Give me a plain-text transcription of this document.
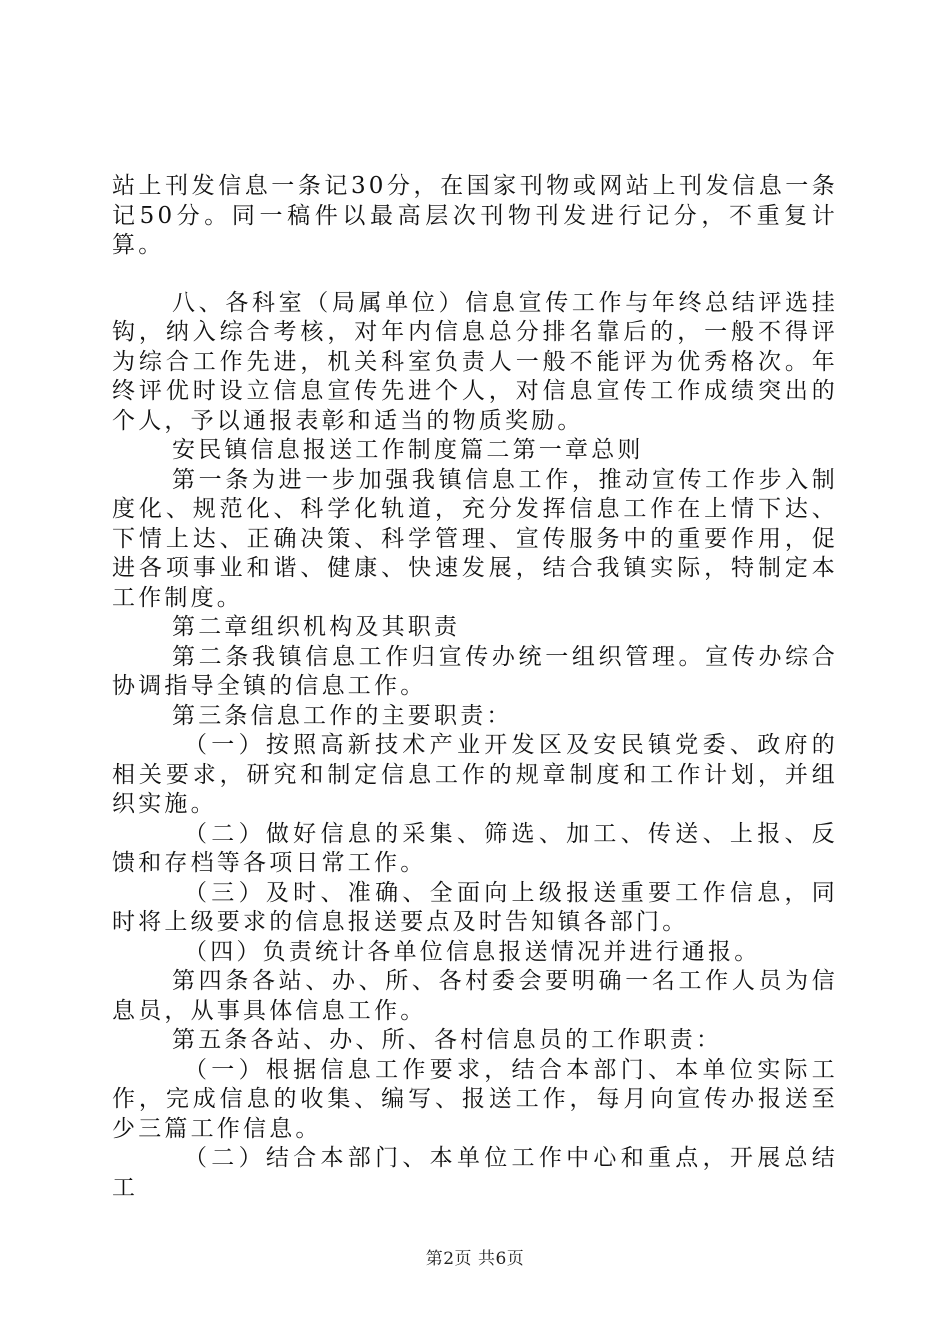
站上刊发信息一条记30分，在国家刊物或网站上刊发信息一条记50分。同一稿件以最高层次刊物刊发进行记分，不重复计算。

八、各科室（局属单位）信息宣传工作与年终总结评选挂钩，纳入综合考核，对年内信息总分排名靠后的，一般不得评为综合工作先进，机关科室负责人一般不能评为优秀格次。年终评优时设立信息宣传先进个人，对信息宣传工作成绩突出的个人，予以通报表彰和适当的物质奖励。

安民镇信息报送工作制度篇二第一章总则

第一条为进一步加强我镇信息工作，推动宣传工作步入制度化、规范化、科学化轨道，充分发挥信息工作在上情下达、下情上达、正确决策、科学管理、宣传服务中的重要作用，促进各项事业和谐、健康、快速发展，结合我镇实际，特制定本工作制度。

第二章组织机构及其职责

第二条我镇信息工作归宣传办统一组织管理。宣传办综合协调指导全镇的信息工作。

第三条信息工作的主要职责：

（一）按照高新技术产业开发区及安民镇党委、政府的相关要求，研究和制定信息工作的规章制度和工作计划，并组织实施。

（二）做好信息的采集、筛选、加工、传送、上报、反馈和存档等各项日常工作。

（三）及时、准确、全面向上级报送重要工作信息，同时将上级要求的信息报送要点及时告知镇各部门。

（四）负责统计各单位信息报送情况并进行通报。

第四条各站、办、所、各村委会要明确一名工作人员为信息员，从事具体信息工作。

第五条各站、办、所、各村信息员的工作职责：

（一）根据信息工作要求，结合本部门、本单位实际工作，完成信息的收集、编写、报送工作，每月向宣传办报送至少三篇工作信息。

（二）结合本部门、本单位工作中心和重点，开展总结工

第2页 共6页
